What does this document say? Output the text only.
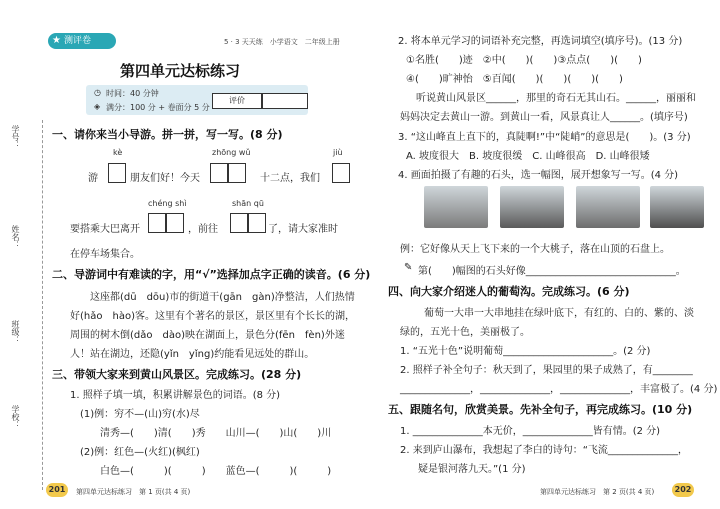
测评卷
★	5 · 3 天天练　小学语文　二年级上册
第四单元达标练习
◷ 时间：40 分钟
◈ 满分：100 分 + 卷面分 5 分
评价
学号：
姓名：
班级：
学校：
一、请你来当小导游。拼一拼，写一写。(8 分)
kè	zhōng wǔ	jiù
游	朋友们好！今天	十二点，我们
chéng shì	shān qū
要搭乘大巴离开	，前往	了，请大家准时
在停车场集合。
二、导游词中有难读的字，用“√”选择加点字正确的读音。(6 分)
这座都(dū　dōu)市的街道干(gān　gàn)净整洁，人们热情
好(hǎo　hào)客。这里有个著名的景区，景区里有个长长的湖，
周围的树木倒(dǎo　dào)映在湖面上，景色分(fēn　fèn)外迷
人！站在湖边，还隐(yǐn　yǐng)约能看见远处的群山。
三、带领大家来到黄山风景区。完成练习。(28 分)
1. 照样子填一填，积累讲解景色的词语。(8 分)
(1)例：穷不—(山)穷(水)尽
清秀—(　　)清(　　)秀　　山川—(　　)山(　　)川
(2)例：红色—(火红)(枫红)
白色—(　　　)(　　　)　　蓝色—(　　　)(　　　)
201	第四单元达标练习　第 1 页(共 4 页)
2. 将本单元学习的词语补充完整，再选词填空(填序号)。(13 分)
①名胜(　　)迹　②中(　　)(　　)③点点(　　)(　　)
④(　　)旷神怡　⑤百闻(　　)(　　)(　　)(　　)
听说黄山风景区______，那里的奇石无其山石。______，丽丽和
妈妈决定去黄山一游。到黄山一看，风景真让人______。(填序号)
3. “这山峰直上直下的，真陡啊!”中“陡峭”的意思是(　　)。(3 分)
A. 坡度很大　B. 坡度很缓　C. 山峰很高　D. 山峰很矮
4. 画面拍摄了有趣的石头，选一幅图，展开想象写一写。(4 分)
例：它好像从天上飞下来的一个大桃子，落在山顶的石盘上。
✎ 第(　　)幅图的石头好像______________________________。
四、向大家介绍迷人的葡萄沟。完成练习。(6 分)
葡萄一大串一大串地挂在绿叶底下，有红的、白的、紫的、淡
绿的，五光十色，美丽极了。
1. “五光十色”说明葡萄______________________。(2 分)
2. 照样子补全句子：秋天到了，果园里的果子成熟了，有________
______________，______________，______________，丰富极了。(4 分)
五、跟随名句，欣赏美景。先补全句子，再完成练习。(10 分)
1. ______________本无价，______________皆有情。(2 分)
2. 来到庐山瀑布，我想起了李白的诗句：“飞流______________，
疑是银河落九天。”(1 分)
第四单元达标练习　第 2 页(共 4 页)	202
